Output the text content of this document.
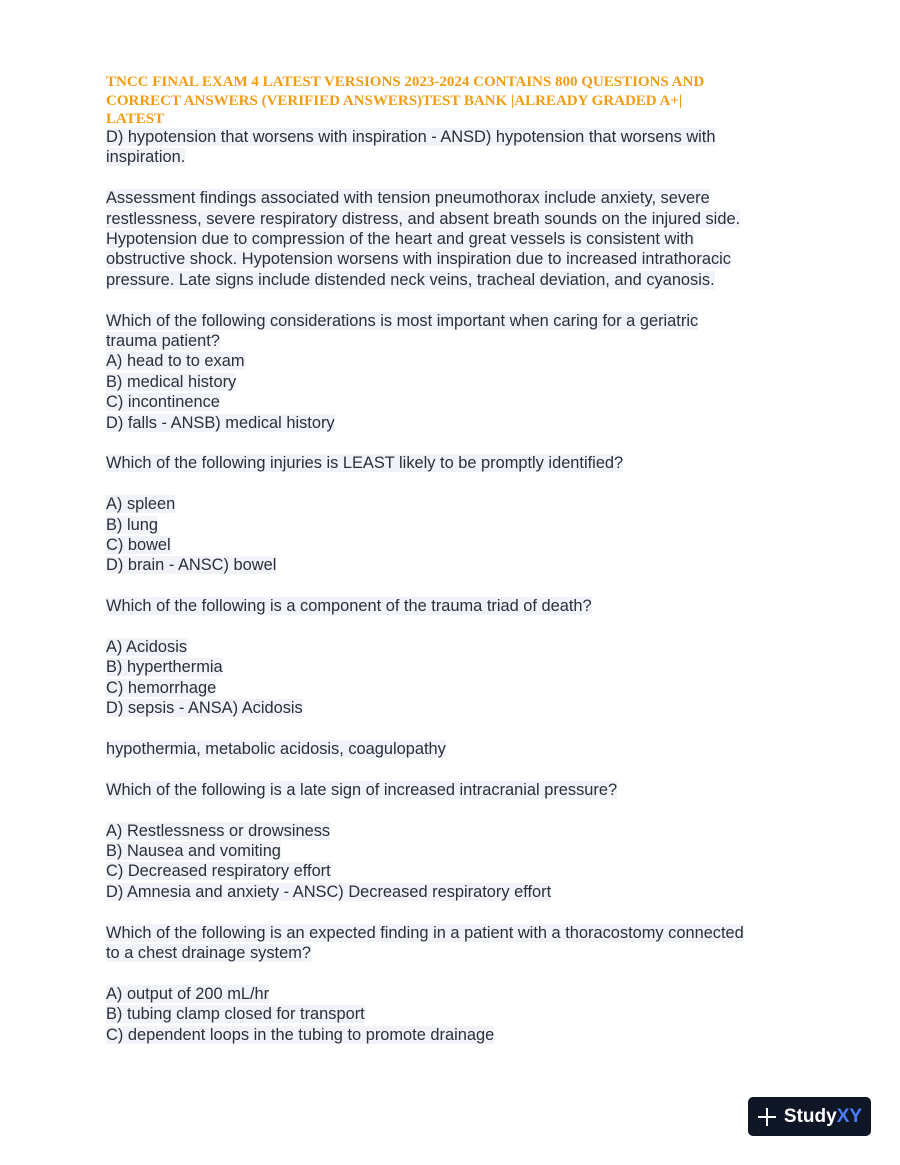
TNCC FINAL EXAM 4 LATEST VERSIONS 2023-2024 CONTAINS 800 QUESTIONS AND
CORRECT ANSWERS (VERIFIED ANSWERS)TEST BANK |ALREADY GRADED A+|
LATEST
D) hypotension that worsens with inspiration - ANSD) hypotension that worsens with
inspiration.
Assessment findings associated with tension pneumothorax include anxiety, severe
restlessness, severe respiratory distress, and absent breath sounds on the injured side.
Hypotension due to compression of the heart and great vessels is consistent with
obstructive shock. Hypotension worsens with inspiration due to increased intrathoracic
pressure. Late signs include distended neck veins, tracheal deviation, and cyanosis.
Which of the following considerations is most important when caring for a geriatric
trauma patient?
A) head to to exam
B) medical history
C) incontinence
D) falls - ANSB) medical history
Which of the following injuries is LEAST likely to be promptly identified?
A) spleen
B) lung
C) bowel
D) brain - ANSC) bowel
Which of the following is a component of the trauma triad of death?
A) Acidosis
B) hyperthermia
C) hemorrhage
D) sepsis - ANSA) Acidosis
hypothermia, metabolic acidosis, coagulopathy
Which of the following is a late sign of increased intracranial pressure?
A) Restlessness or drowsiness
B) Nausea and vomiting
C) Decreased respiratory effort
D) Amnesia and anxiety - ANSC) Decreased respiratory effort
Which of the following is an expected finding in a patient with a thoracostomy connected
to a chest drainage system?
A) output of 200 mL/hr
B) tubing clamp closed for transport
C) dependent loops in the tubing to promote drainage
Study XY
